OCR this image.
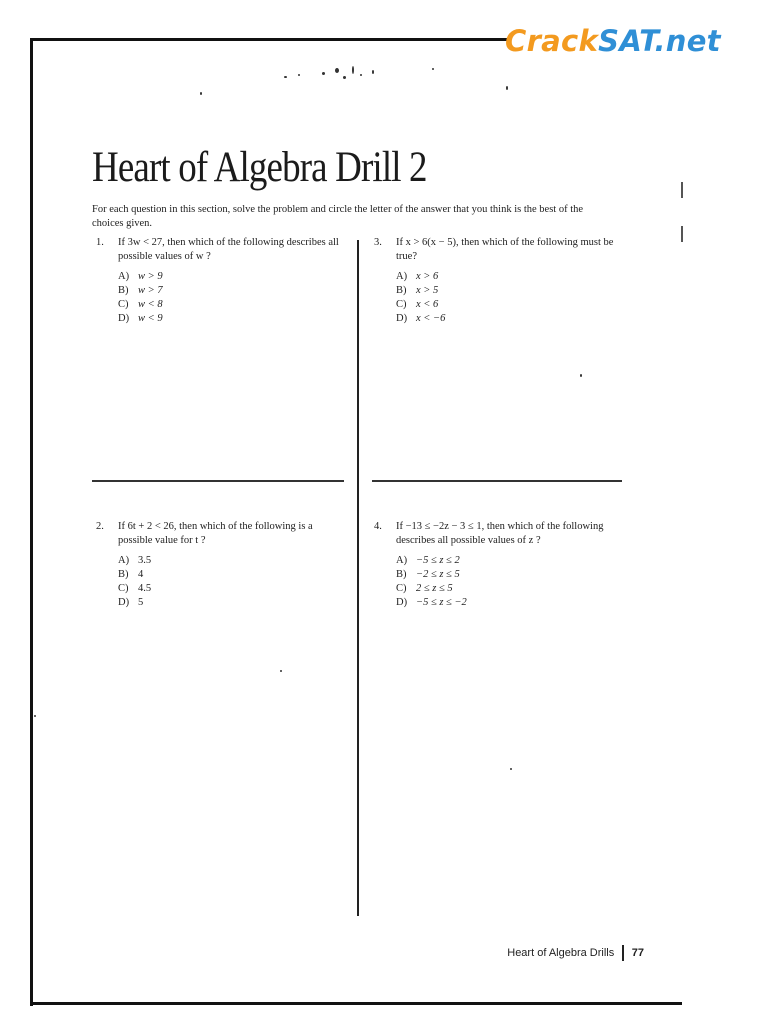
CrackSAT.net
Heart of Algebra Drill 2
For each question in this section, solve the problem and circle the letter of the answer that you think is the best of the choices given.
1.	If 3w < 27, then which of the following describes all possible values of w ?
A) w > 9
B) w > 7
C) w < 8
D) w < 9
2.	If 6t + 2 < 26, then which of the following is a possible value for t ?
A) 3.5
B) 4
C) 4.5
D) 5
3.	If x > 6(x − 5), then which of the following must be true?
A) x > 6
B) x > 5
C) x < 6
D) x < −6
4.	If −13 ≤ −2z − 3 ≤ 1, then which of the following describes all possible values of z ?
A) −5 ≤ z ≤ 2
B) −2 ≤ z ≤ 5
C) 2 ≤ z ≤ 5
D) −5 ≤ z ≤ −2
Heart of Algebra Drills 77
